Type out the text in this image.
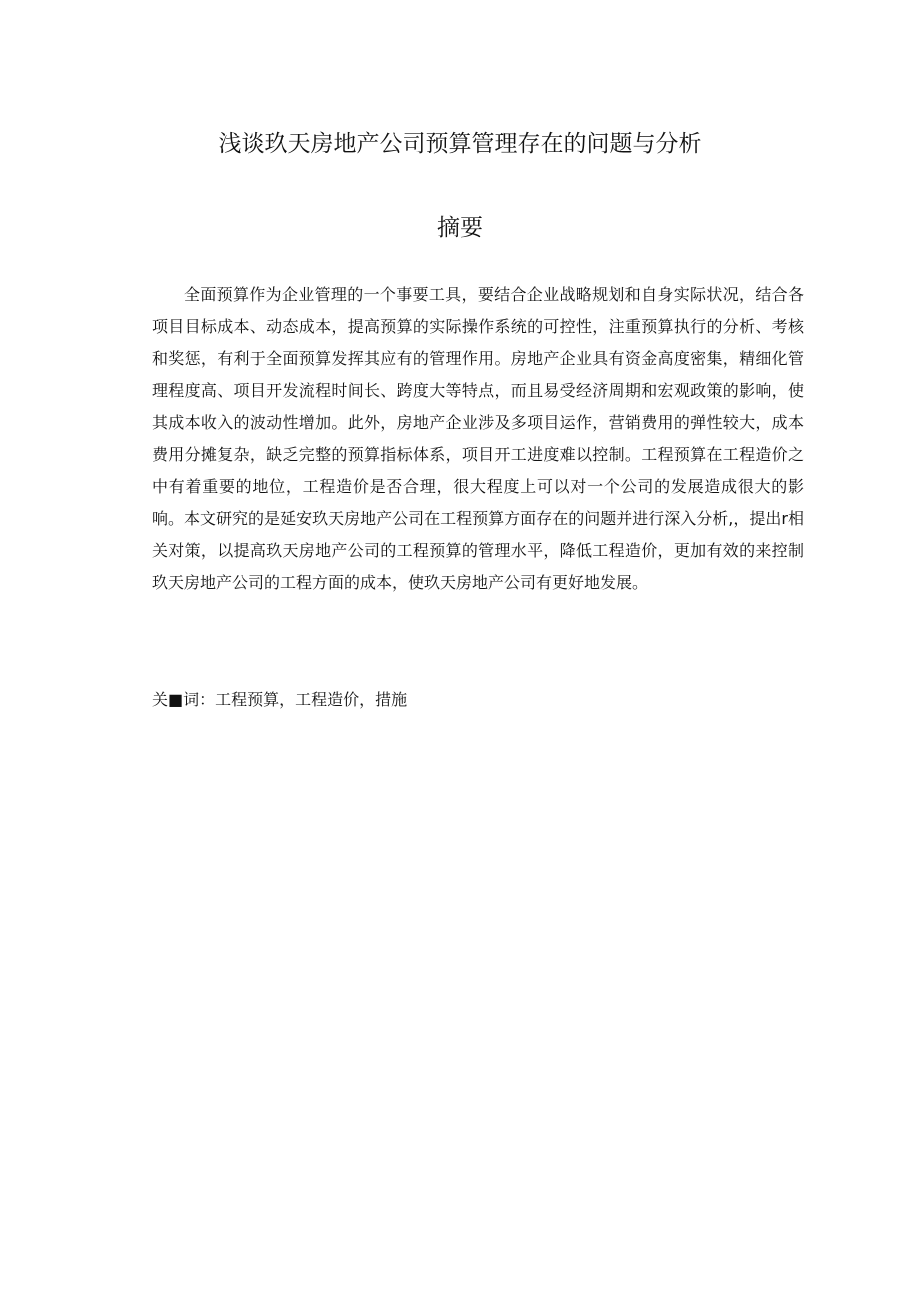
浅谈玖天房地产公司预算管理存在的问题与分析
摘要

全面预算作为企业管理的一个事要工具，要结合企业战略规划和自身实际状况，结合各项目目标成本、动态成本，提高预算的实际操作系统的可控性，注重预算执行的分析、考核和奖惩，有利于全面预算发挥其应有的管理作用。房地产企业具有资金高度密集，精细化管理程度高、项目开发流程时间长、跨度大等特点，而且易受经济周期和宏观政策的影响，使其成本收入的波动性增加。此外，房地产企业涉及多项目运作，营销费用的弹性较大，成本费用分摊复杂，缺乏完整的预算指标体系，项目开工进度难以控制。工程预算在工程造价之中有着重要的地位，工程造价是否合理，很大程度上可以对一个公司的发展造成很大的影响。本文研究的是延安玖天房地产公司在工程预算方面存在的问题并进行深入分析,，提出r相关对策，以提高玖天房地产公司的工程预算的管理水平，降低工程造价，更加有效的来控制玖天房地产公司的工程方面的成本，使玖天房地产公司有更好地发展。

关■词：工程预算，工程造价，措施
